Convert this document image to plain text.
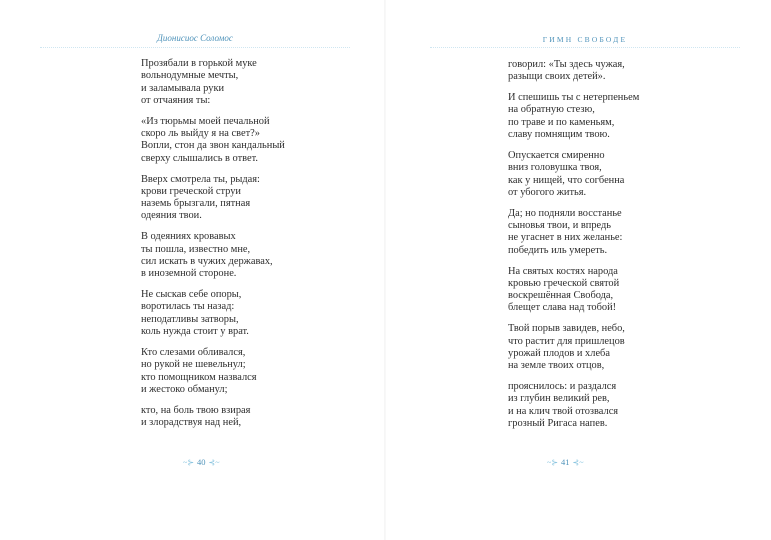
Дионисиос Соломос
Прозябали в горькой муке
вольнодумные мечты,
и заламывала руки
от отчаяния ты:
«Из тюрьмы моей печальной
скоро ль выйду я на свет?»
Вопли, стон да звон кандальный
сверху слышались в ответ.
Вверх смотрела ты, рыдая:
крови греческой струи
наземь брызгали, пятная
одеяния твои.
В одеяниях кровавых
ты пошла, известно мне,
сил искать в чужих державах,
в иноземной стороне.
Не сыскав себе опоры,
воротилась ты назад:
неподатливы затворы,
коль нужда стоит у врат.
Кто слезами обливался,
но рукой не шевельнул;
кто помощником назвался
и жестоко обманул;
кто, на боль твою взирая
и злорадствуя над ней,
~⊱ 40 ⊰~
ГИМН СВОБОДЕ
говорил: «Ты здесь чужая,
разыщи своих детей».
И спешишь ты с нетерпеньем
на обратную стезю,
по траве и по каменьям,
славу помнящим твою.
Опускается смиренно
вниз головушка твоя,
как у нищей, что согбенна
от убогого житья.
Да; но подняли восстанье
сыновья твои, и впредь
не угаснет в них желанье:
победить иль умереть.
На святых костях народа
кровью греческой святой
воскрешённая Свобода,
блещет слава над тобой!
Твой порыв завидев, небо,
что растит для пришлецов
урожай плодов и хлеба
на земле твоих отцов,
прояснилось: и раздался
из глубин великий рев,
и на клич твой отозвался
грозный Ригаса напев.
~⊱ 41 ⊰~
